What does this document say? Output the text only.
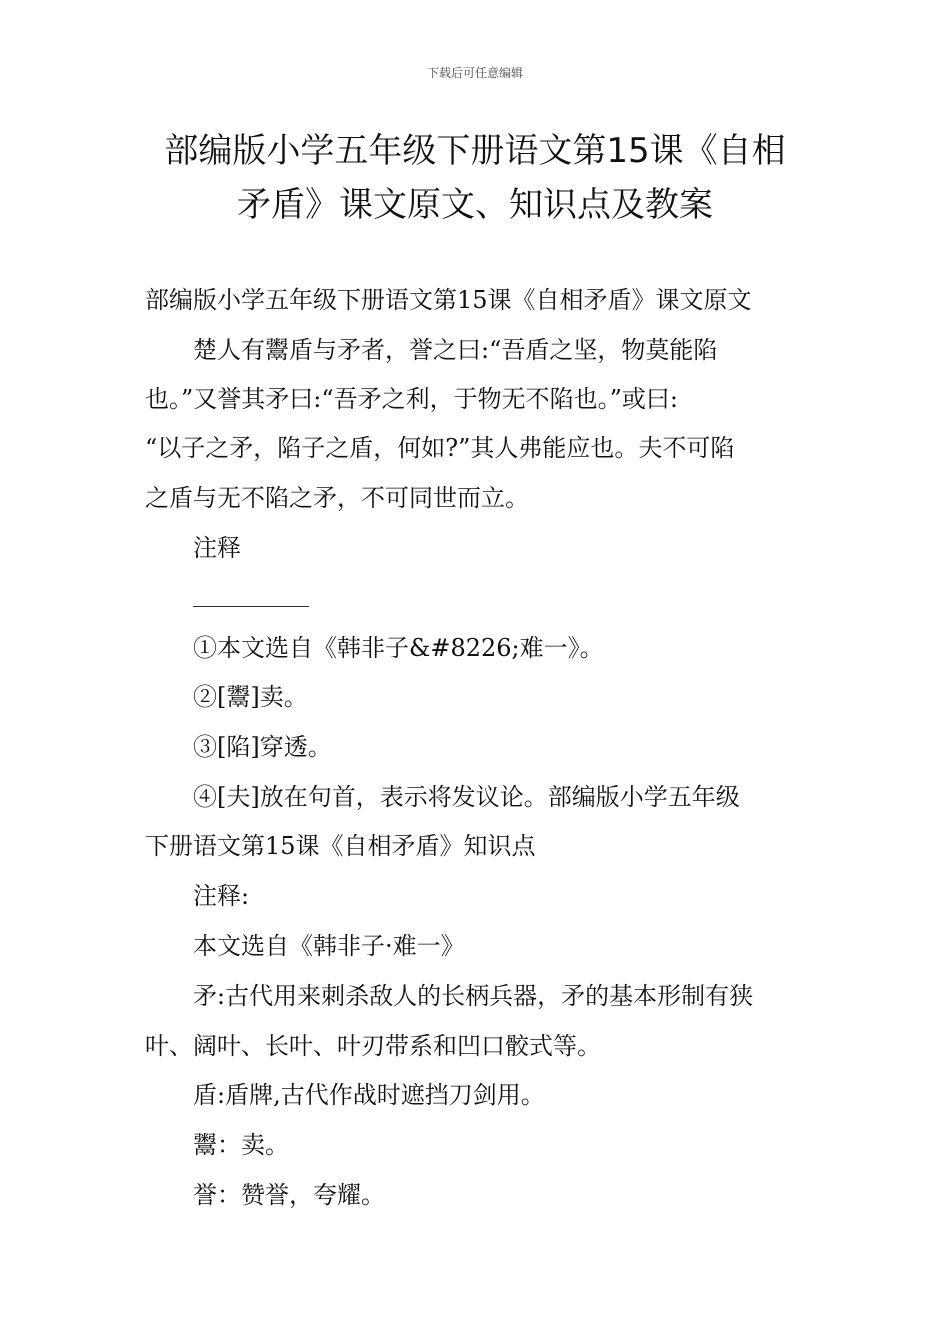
下载后可任意编辑
部编版小学五年级下册语文第15课《自相
矛盾》课文原文、知识点及教案

部编版小学五年级下册语文第15课《自相矛盾》课文原文

楚人有鬻盾与矛者，誉之曰:“吾盾之坚，物莫能陷

也。”又誉其矛曰:“吾矛之利，于物无不陷也。”或曰:

“以子之矛，陷子之盾，何如?”其人弗能应也。夫不可陷

之盾与无不陷之矛，不可同世而立。

注释

①本文选自《韩非子&#8226;难一》。

②[鬻]卖。

③[陷]穿透。

④[夫]放在句首，表示将发议论。部编版小学五年级

下册语文第15课《自相矛盾》知识点

注释:

本文选自《韩非子·难一》

矛:古代用来刺杀敌人的长柄兵器，矛的基本形制有狭

叶、阔叶、长叶、叶刃带系和凹口骹式等。

盾:盾牌,古代作战时遮挡刀剑用。

鬻：卖。

誉：赞誉，夸耀。
